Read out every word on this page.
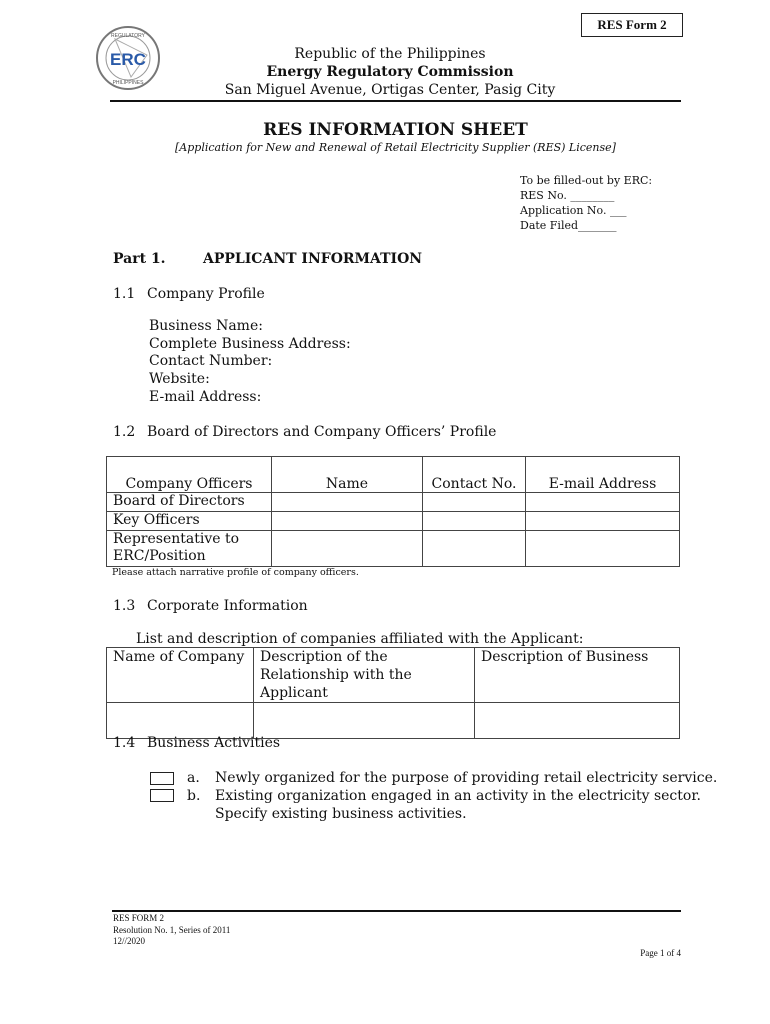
RES Form 2
ERC
REGULATORY
PHILIPPINES
Republic of the Philippines
Energy Regulatory Commission
San Miguel Avenue, Ortigas Center, Pasig City
RES INFORMATION SHEET
[Application for New and Renewal of Retail Electricity Supplier (RES) License]
To be filled-out by ERC:
RES No. ________
Application No. ___
Date Filed_______
Part 1.	APPLICANT INFORMATION
1.1 Company Profile
Business Name:
Complete Business Address:
Contact Number:
Website:
E-mail Address:
1.2 Board of Directors and Company Officers’ Profile
Company Officers	Name	Contact No.	E-mail Address
Board of Directors			
Key Officers			
Representative to ERC/Position			
Please attach narrative profile of company officers.
1.3 Corporate Information
List and description of companies affiliated with the Applicant:
Name of Company	Description of the Relationship with the Applicant	Description of Business

1.4 Business Activities
a. Newly organized for the purpose of providing retail electricity service.
b. Existing organization engaged in an activity in the electricity sector.
Specify existing business activities.
RES FORM 2
Resolution No. 1, Series of 2011
12//2020
Page 1 of 4
